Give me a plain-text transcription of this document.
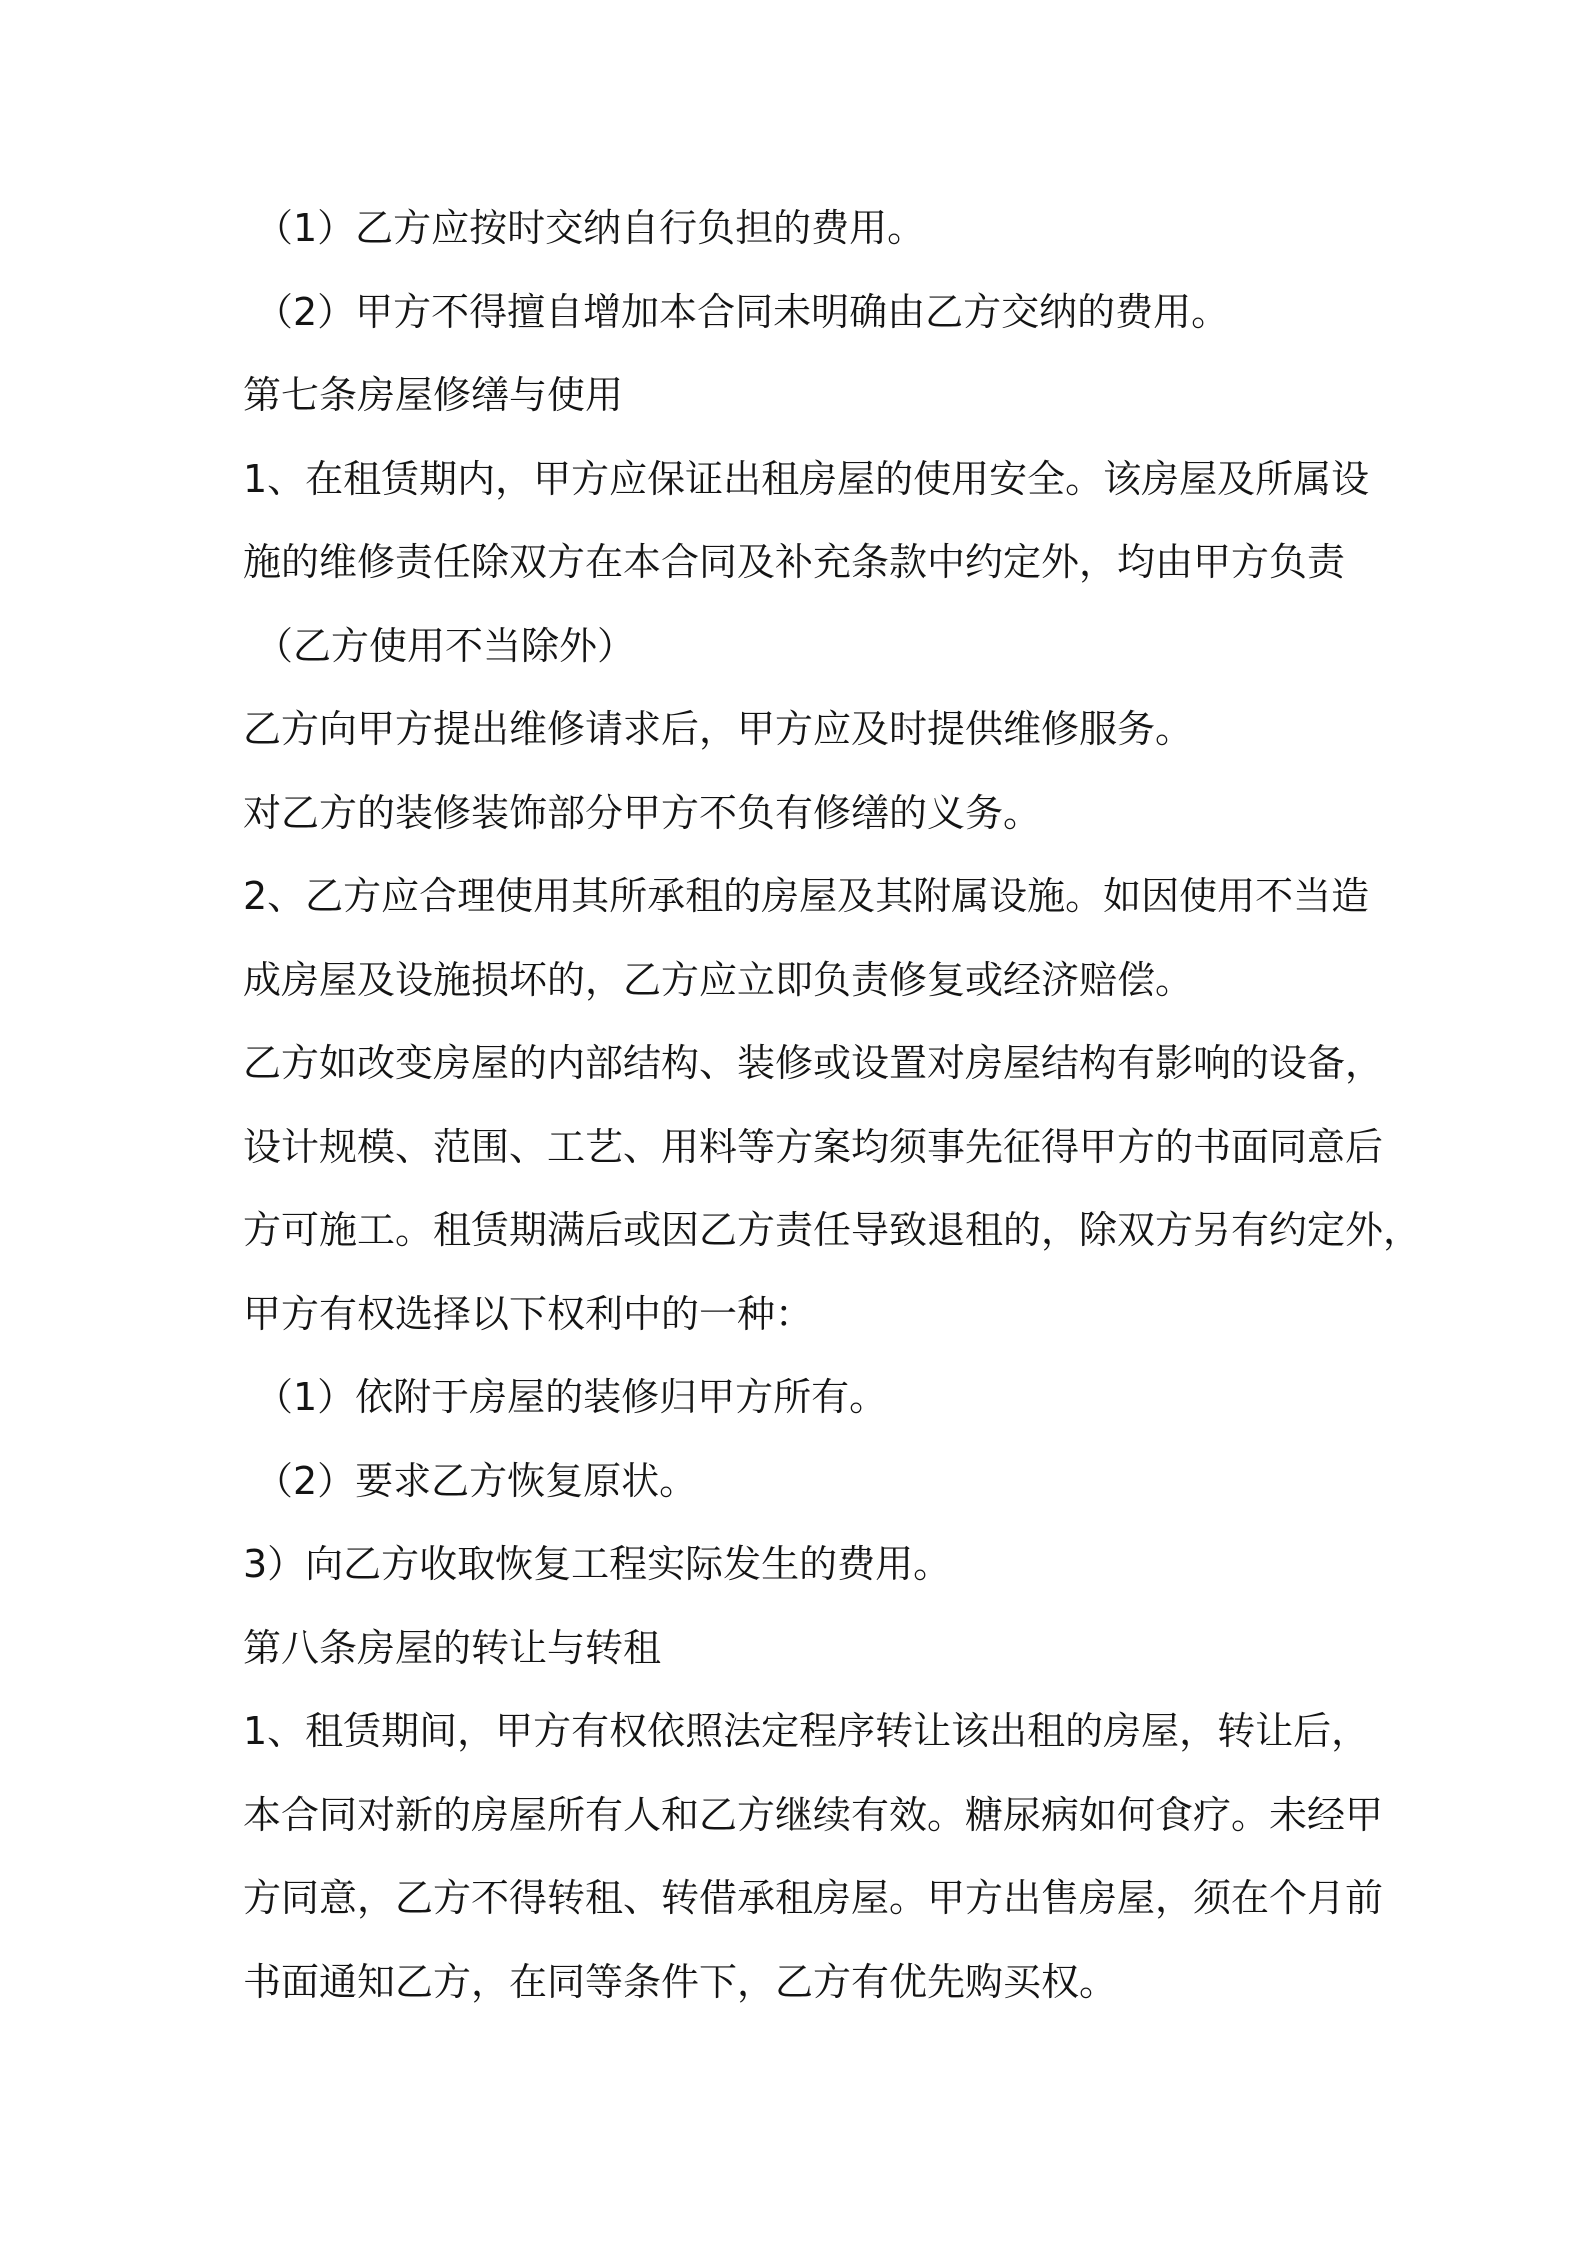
（1）乙方应按时交纳自行负担的费用。

（2）甲方不得擅自增加本合同未明确由乙方交纳的费用。

第七条房屋修缮与使用

1、在租赁期内，甲方应保证出租房屋的使用安全。该房屋及所属设

施的维修责任除双方在本合同及补充条款中约定外，均由甲方负责

（乙方使用不当除外）

乙方向甲方提出维修请求后，甲方应及时提供维修服务。

对乙方的装修装饰部分甲方不负有修缮的义务。

2、乙方应合理使用其所承租的房屋及其附属设施。如因使用不当造

成房屋及设施损坏的，乙方应立即负责修复或经济赔偿。

乙方如改变房屋的内部结构、装修或设置对房屋结构有影响的设备，

设计规模、范围、工艺、用料等方案均须事先征得甲方的书面同意后

方可施工。租赁期满后或因乙方责任导致退租的，除双方另有约定外，

甲方有权选择以下权利中的一种：

（1）依附于房屋的装修归甲方所有。

（2）要求乙方恢复原状。

3）向乙方收取恢复工程实际发生的费用。

第八条房屋的转让与转租

1、租赁期间，甲方有权依照法定程序转让该出租的房屋，转让后，

本合同对新的房屋所有人和乙方继续有效。糖尿病如何食疗。未经甲

方同意，乙方不得转租、转借承租房屋。甲方出售房屋，须在个月前

书面通知乙方，在同等条件下，乙方有优先购买权。
